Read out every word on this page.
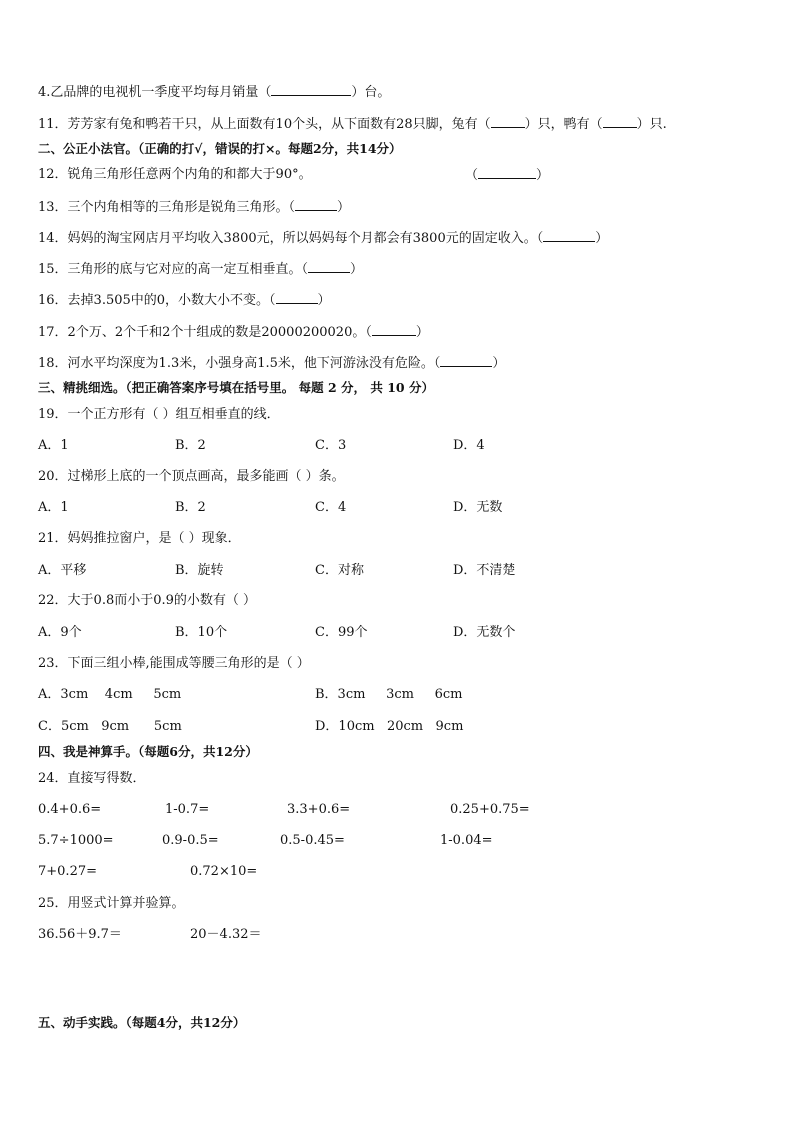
4.乙品牌的电视机一季度平均每月销量（	）台。
11．芳芳家有兔和鸭若干只，从上面数有10个头，从下面数有28只脚，兔有（	）只，鸭有（	）只.
二、公正小法官。（正确的打√，错误的打×。每题2分，共14分）
12．锐角三角形任意两个内角的和都大于90°。	（	）
13．三个内角相等的三角形是锐角三角形。（	）
14．妈妈的淘宝网店月平均收入3800元，所以妈妈每个月都会有3800元的固定收入。（	）
15．三角形的底与它对应的高一定互相垂直。（	）
16．去掉3.505中的0，小数大小不变。（	）
17．2个万、2个千和2个十组成的数是20000200020。（	）
18．河水平均深度为1.3米，小强身高1.5米，他下河游泳没有危险。（	）
三、精挑细选。（把正确答案序号填在括号里。 每题 2 分， 共 10 分）
19．一个正方形有（ ）组互相垂直的线．
A．1	B．2	C．3	D．4
20．过梯形上底的一个顶点画高，最多能画（ ）条。
A．1	B．2	C．4	D．无数
21．妈妈推拉窗户，是（ ）现象．
A．平移	B．旋转	C．对称	D．不清楚
22．大于0.8而小于0.9的小数有（ ）
A．9个	B．10个	C．99个	D．无数个
23．下面三组小棒,能围成等腰三角形的是（ ）
A．3cm    4cm     5cm	B．3cm     3cm     6cm
C．5cm   9cm      5cm	D．10cm   20cm   9cm
四、我是神算手。（每题6分，共12分）
24．直接写得数．
0.4+0.6=	1-0.7=	3.3+0.6=	0.25+0.75=
5.7÷1000=	0.9-0.5=	0.5-0.45=	1-0.04=
7+0.27=	0.72×10=
25．用竖式计算并验算。
36.56＋9.7＝	20－4.32＝
五、动手实践。（每题4分，共12分）
